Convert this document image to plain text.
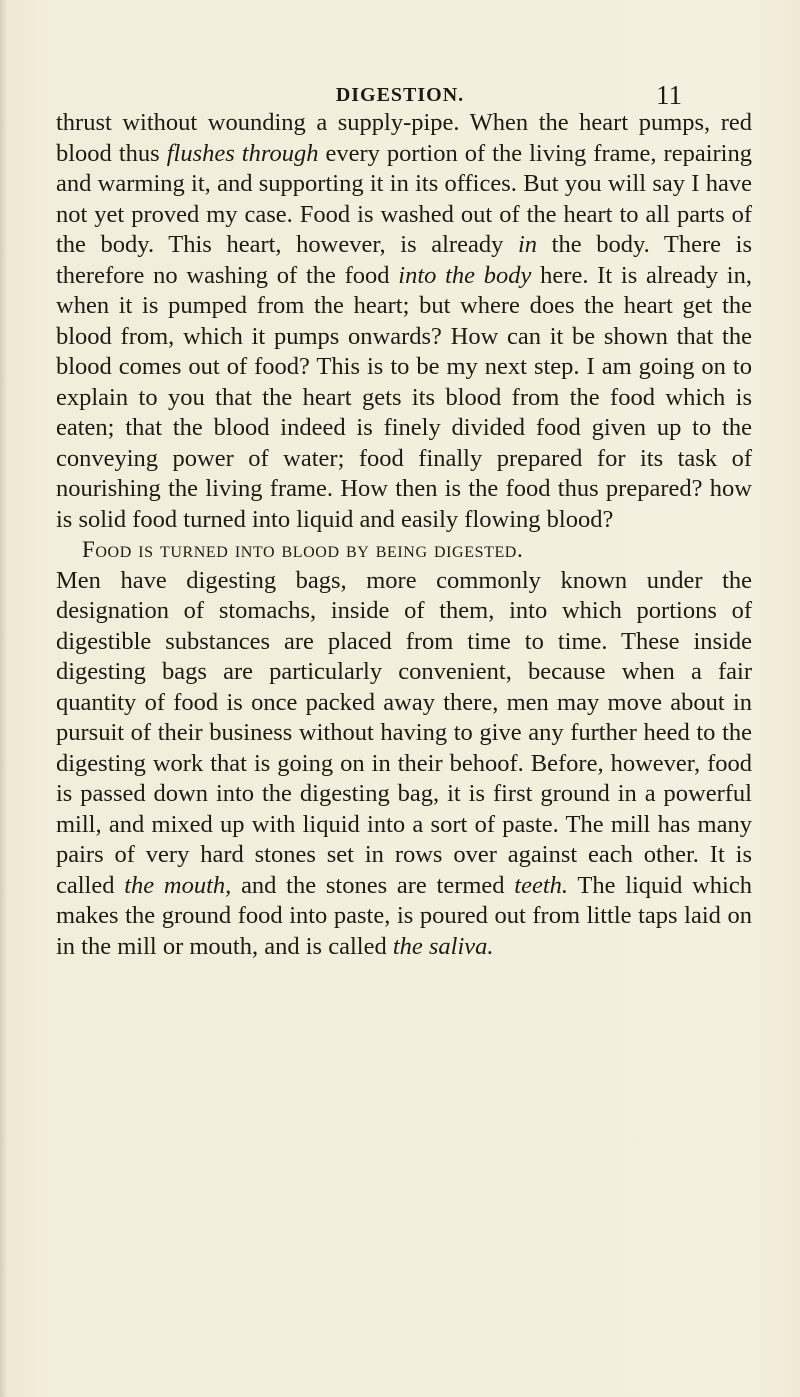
DIGESTION.	11

thrust without wounding a supply-pipe. When the heart pumps, red blood thus flushes through every portion of the living frame, repairing and warming it, and supporting it in its offices. But you will say I have not yet proved my case. Food is washed out of the heart to all parts of the body. This heart, however, is already in the body. There is therefore no washing of the food into the body here. It is already in, when it is pumped from the heart; but where does the heart get the blood from, which it pumps onwards? How can it be shown that the blood comes out of food? This is to be my next step. I am going on to explain to you that the heart gets its blood from the food which is eaten; that the blood indeed is finely divided food given up to the conveying power of water; food finally prepared for its task of nourishing the living frame. How then is the food thus prepared? how is solid food turned into liquid and easily flowing blood?

Food is turned into blood by being digested.

Men have digesting bags, more commonly known under the designation of stomachs, inside of them, into which portions of digestible substances are placed from time to time. These inside digesting bags are particularly convenient, because when a fair quantity of food is once packed away there, men may move about in pursuit of their business without having to give any further heed to the digesting work that is going on in their behoof. Before, however, food is passed down into the digesting bag, it is first ground in a powerful mill, and mixed up with liquid into a sort of paste. The mill has many pairs of very hard stones set in rows over against each other. It is called the mouth, and the stones are termed teeth. The liquid which makes the ground food into paste, is poured out from little taps laid on in the mill or mouth, and is called the saliva.
